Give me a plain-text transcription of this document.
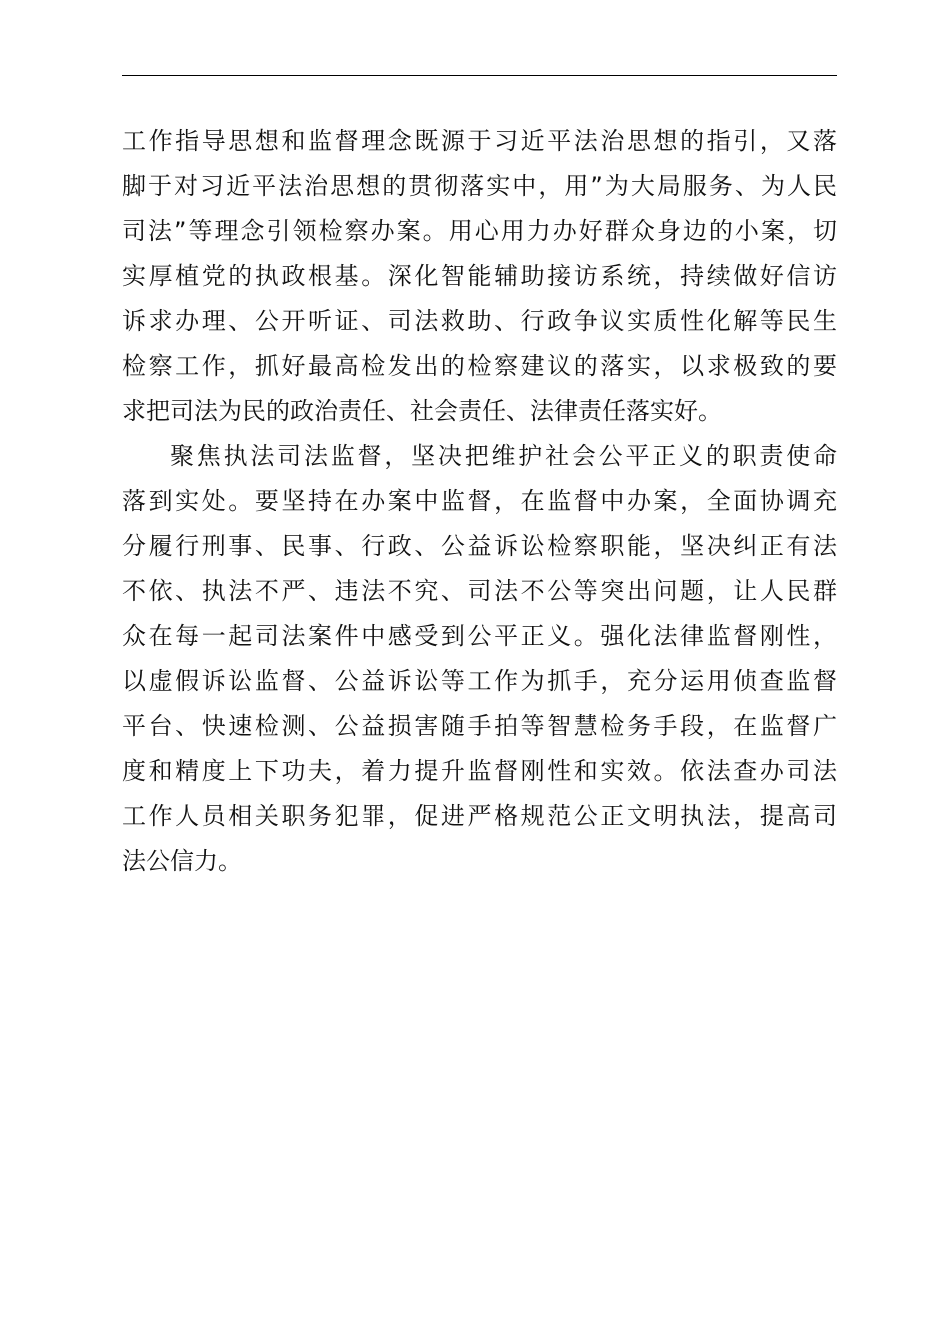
工作指导思想和监督理念既源于习近平法治思想的指引，又落
脚于对习近平法治思想的贯彻落实中，用”为大局服务、为人民
司法”等理念引领检察办案。用心用力办好群众身边的小案，切
实厚植党的执政根基。深化智能辅助接访系统，持续做好信访
诉求办理、公开听证、司法救助、行政争议实质性化解等民生
检察工作，抓好最高检发出的检察建议的落实，以求极致的要
求把司法为民的政治责任、社会责任、法律责任落实好。
聚焦执法司法监督，坚决把维护社会公平正义的职责使命
落到实处。要坚持在办案中监督，在监督中办案，全面协调充
分履行刑事、民事、行政、公益诉讼检察职能，坚决纠正有法
不依、执法不严、违法不究、司法不公等突出问题，让人民群
众在每一起司法案件中感受到公平正义。强化法律监督刚性，
以虚假诉讼监督、公益诉讼等工作为抓手，充分运用侦查监督
平台、快速检测、公益损害随手拍等智慧检务手段，在监督广
度和精度上下功夫，着力提升监督刚性和实效。依法查办司法
工作人员相关职务犯罪，促进严格规范公正文明执法，提高司
法公信力。
